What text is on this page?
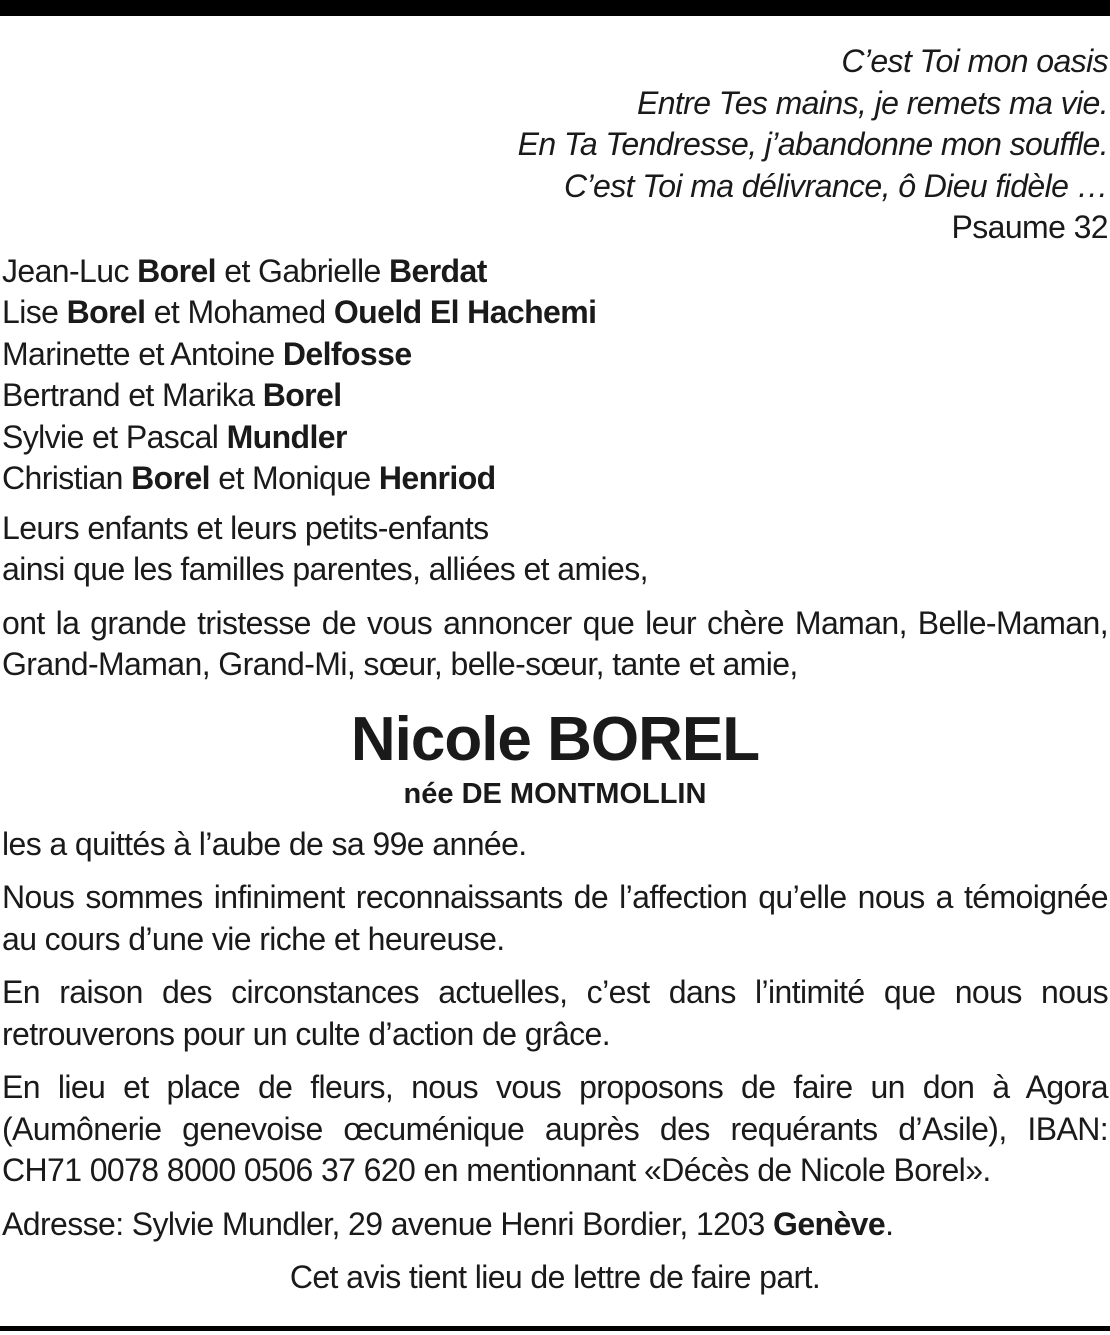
C’est Toi mon oasis
Entre Tes mains, je remets ma vie.
En Ta Tendresse, j’abandonne mon souffle.
C’est Toi ma délivrance, ô Dieu fidèle …
Psaume 32
Jean-Luc Borel et Gabrielle Berdat
Lise Borel et Mohamed Oueld El Hachemi
Marinette et Antoine Delfosse
Bertrand et Marika Borel
Sylvie et Pascal Mundler
Christian Borel et Monique Henriod
Leurs enfants et leurs petits-enfants
ainsi que les familles parentes, alliées et amies,
ont la grande tristesse de vous annoncer que leur chère Maman, Belle-Maman, Grand-Maman, Grand-Mi, sœur, belle-sœur, tante et amie,
Nicole BOREL
née DE MONTMOLLIN
les a quittés à l’aube de sa 99e année.
Nous sommes infiniment reconnaissants de l’affection qu’elle nous a témoignée au cours d’une vie riche et heureuse.
En raison des circonstances actuelles, c’est dans l’intimité que nous nous retrouverons pour un culte d’action de grâce.
En lieu et place de fleurs, nous vous proposons de faire un don à Agora (Aumônerie genevoise œcuménique auprès des requérants d’Asile), IBAN: CH71 0078 8000 0506 37 620 en mentionnant «Décès de Nicole Borel».
Adresse: Sylvie Mundler, 29 avenue Henri Bordier, 1203 Genève.
Cet avis tient lieu de lettre de faire part.
